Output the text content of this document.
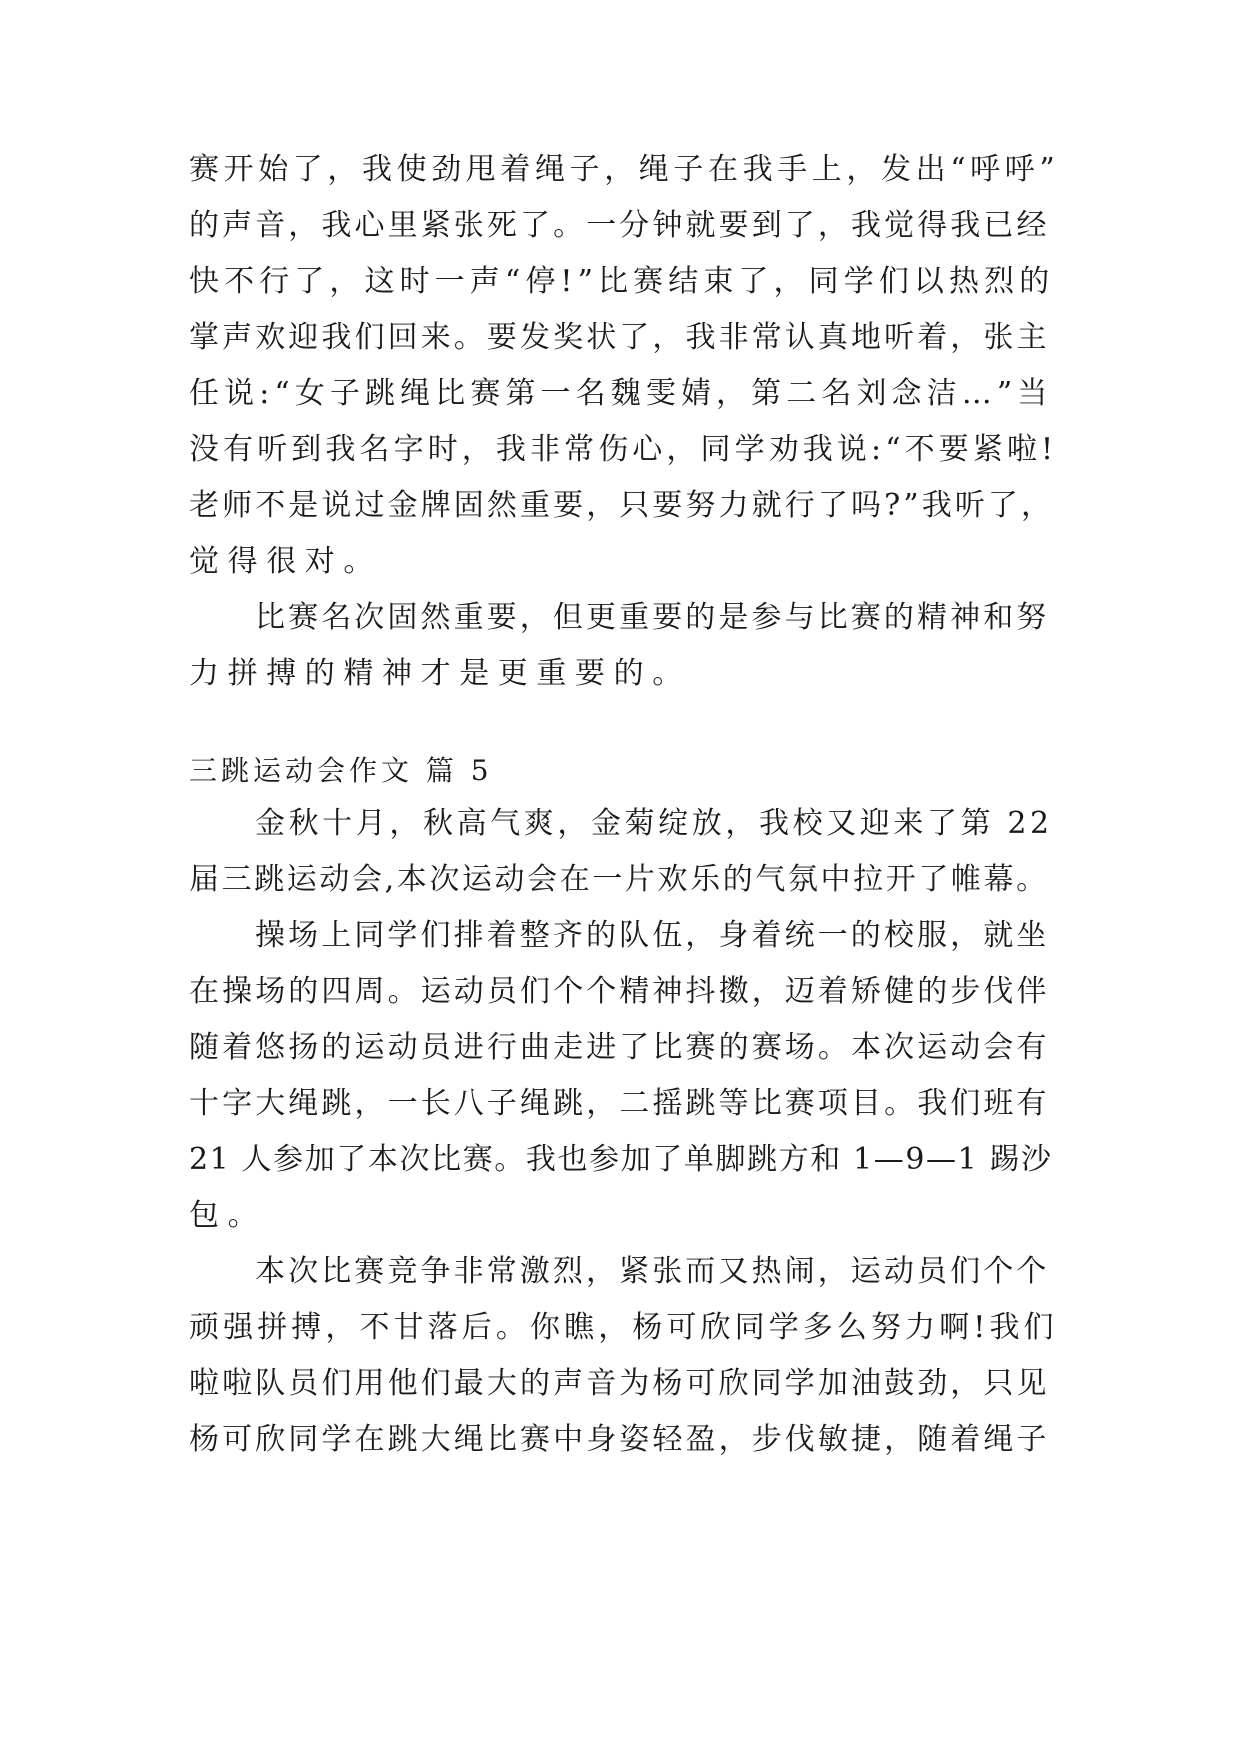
赛开始了，我使劲甩着绳子，绳子在我手上，发出“呼呼”
的声音，我心里紧张死了。一分钟就要到了，我觉得我已经
快不行了，这时一声“停!”比赛结束了，同学们以热烈的
掌声欢迎我们回来。要发奖状了，我非常认真地听着，张主
任说:“女子跳绳比赛第一名魏雯婧，第二名刘念洁…”当
没有听到我名字时，我非常伤心，同学劝我说:“不要紧啦!
老师不是说过金牌固然重要，只要努力就行了吗?”我听了，
觉得很对。
比赛名次固然重要，但更重要的是参与比赛的精神和努
力拼搏的精神才是更重要的。
三跳运动会作文 篇 5
金秋十月，秋高气爽，金菊绽放，我校又迎来了第 22
届三跳运动会,本次运动会在一片欢乐的气氛中拉开了帷幕。
操场上同学们排着整齐的队伍，身着统一的校服，就坐
在操场的四周。运动员们个个精神抖擞，迈着矫健的步伐伴
随着悠扬的运动员进行曲走进了比赛的赛场。本次运动会有
十字大绳跳，一长八子绳跳，二摇跳等比赛项目。我们班有
21 人参加了本次比赛。我也参加了单脚跳方和 1—9—1 踢沙
包。
本次比赛竞争非常激烈，紧张而又热闹，运动员们个个
顽强拼搏，不甘落后。你瞧，杨可欣同学多么努力啊!我们
啦啦队员们用他们最大的声音为杨可欣同学加油鼓劲，只见
杨可欣同学在跳大绳比赛中身姿轻盈，步伐敏捷，随着绳子
